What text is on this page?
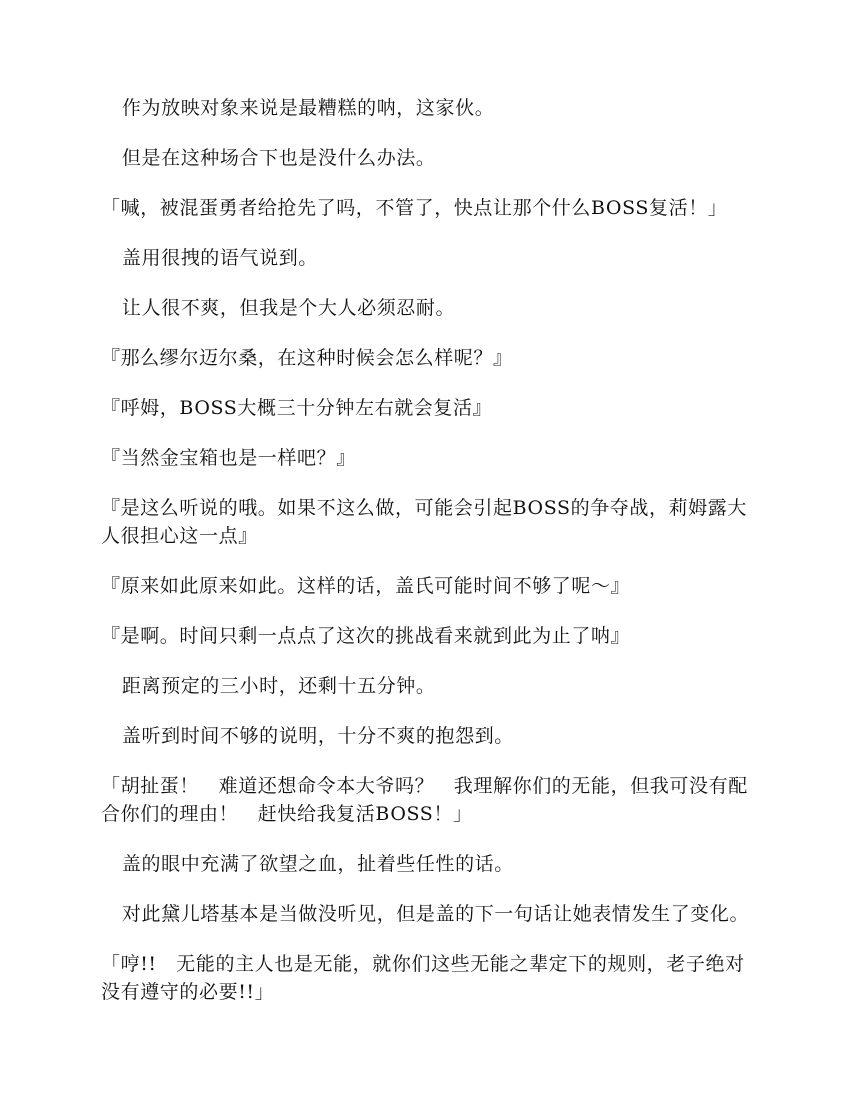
作为放映对象来说是最糟糕的呐，这家伙。

但是在这种场合下也是没什么办法。

「喊，被混蛋勇者给抢先了吗，不管了，快点让那个什么BOSS复活！」

盖用很拽的语气说到。

让人很不爽，但我是个大人必须忍耐。

『那么缪尔迈尔桑，在这种时候会怎么样呢？』

『呼姆，BOSS大概三十分钟左右就会复活』

『当然金宝箱也是一样吧？』

『是这么听说的哦。如果不这么做，可能会引起BOSS的争夺战，莉姆露大人很担心这一点』

『原来如此原来如此。这样的话，盖氏可能时间不够了呢～』

『是啊。时间只剩一点点了这次的挑战看来就到此为止了呐』

距离预定的三小时，还剩十五分钟。

盖听到时间不够的说明，十分不爽的抱怨到。

「胡扯蛋！　难道还想命令本大爷吗？　我理解你们的无能，但我可没有配合你们的理由！　赶快给我复活BOSS！」

盖的眼中充满了欲望之血，扯着些任性的话。

对此黛儿塔基本是当做没听见，但是盖的下一句话让她表情发生了变化。

「哼!!　无能的主人也是无能，就你们这些无能之辈定下的规则，老子绝对没有遵守的必要!!」
